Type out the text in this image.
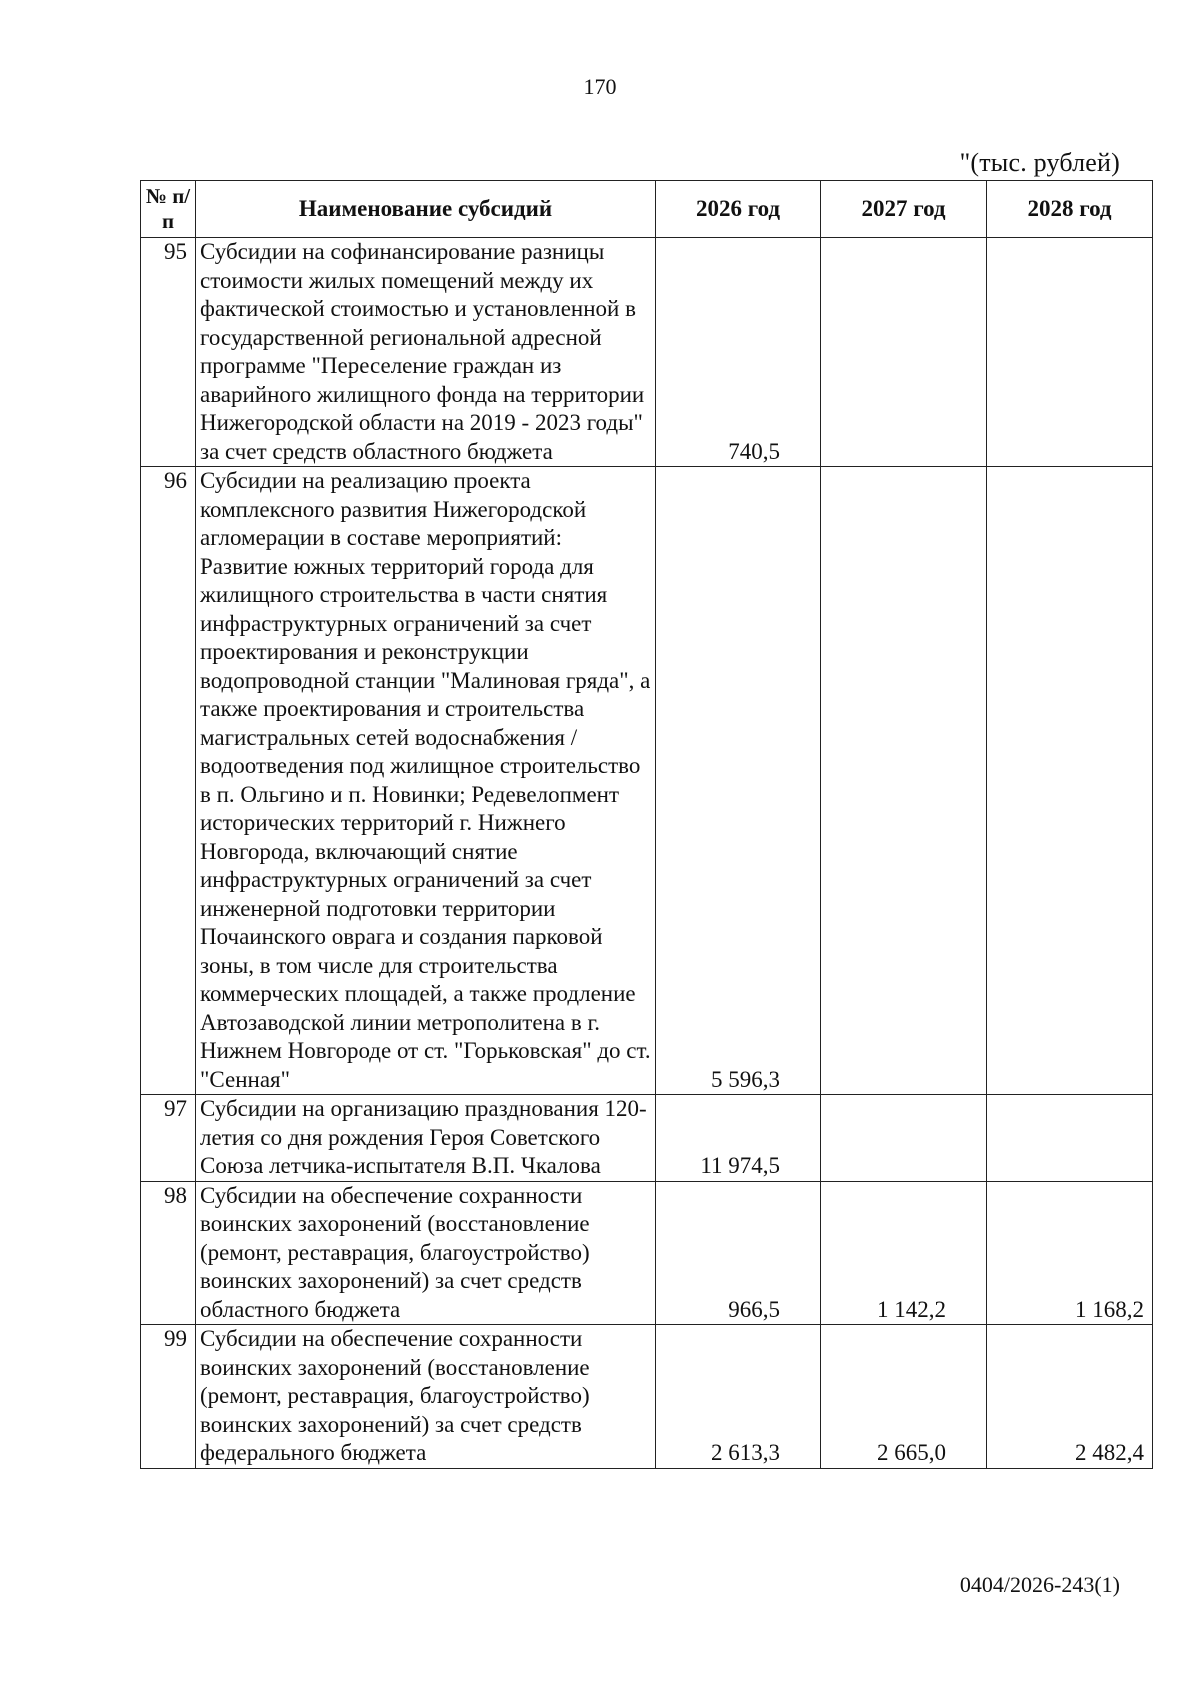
170
"(тыс. рублей)
№ п/п	Наименование субсидий	2026 год	2027 год	2028 год
95	Субсидии на софинансирование разницы стоимости жилых помещений между их фактической стоимостью и установленной в государственной региональной адресной программе "Переселение граждан из аварийного жилищного фонда на территории Нижегородской области на 2019 - 2023 годы" за счет средств областного бюджета	740,5		
96	Субсидии на реализацию проекта комплексного развития Нижегородской агломерации в составе мероприятий: Развитие южных территорий города для жилищного строительства в части снятия инфраструктурных ограничений за счет проектирования и реконструкции водопроводной станции "Малиновая гряда", а также проектирования и строительства магистральных сетей водоснабжения / водоотведения под жилищное строительство в п. Ольгино и п. Новинки; Редевелопмент исторических территорий г. Нижнего Новгорода, включающий снятие инфраструктурных ограничений за счет инженерной подготовки территории Почаинского оврага и создания парковой зоны, в том числе для строительства коммерческих площадей, а также продление Автозаводской линии метрополитена в г. Нижнем Новгороде от ст. "Горьковская" до ст. "Сенная"	5 596,3		
97	Субсидии на организацию празднования 120-летия со дня рождения Героя Советского Союза летчика-испытателя В.П. Чкалова	11 974,5		
98	Субсидии на обеспечение сохранности воинских захоронений (восстановление (ремонт, реставрация, благоустройство) воинских захоронений) за счет средств областного бюджета	966,5	1 142,2	1 168,2
99	Субсидии на обеспечение сохранности воинских захоронений (восстановление (ремонт, реставрация, благоустройство) воинских захоронений) за счет средств федерального бюджета	2 613,3	2 665,0	2 482,4
0404/2026-243(1)
